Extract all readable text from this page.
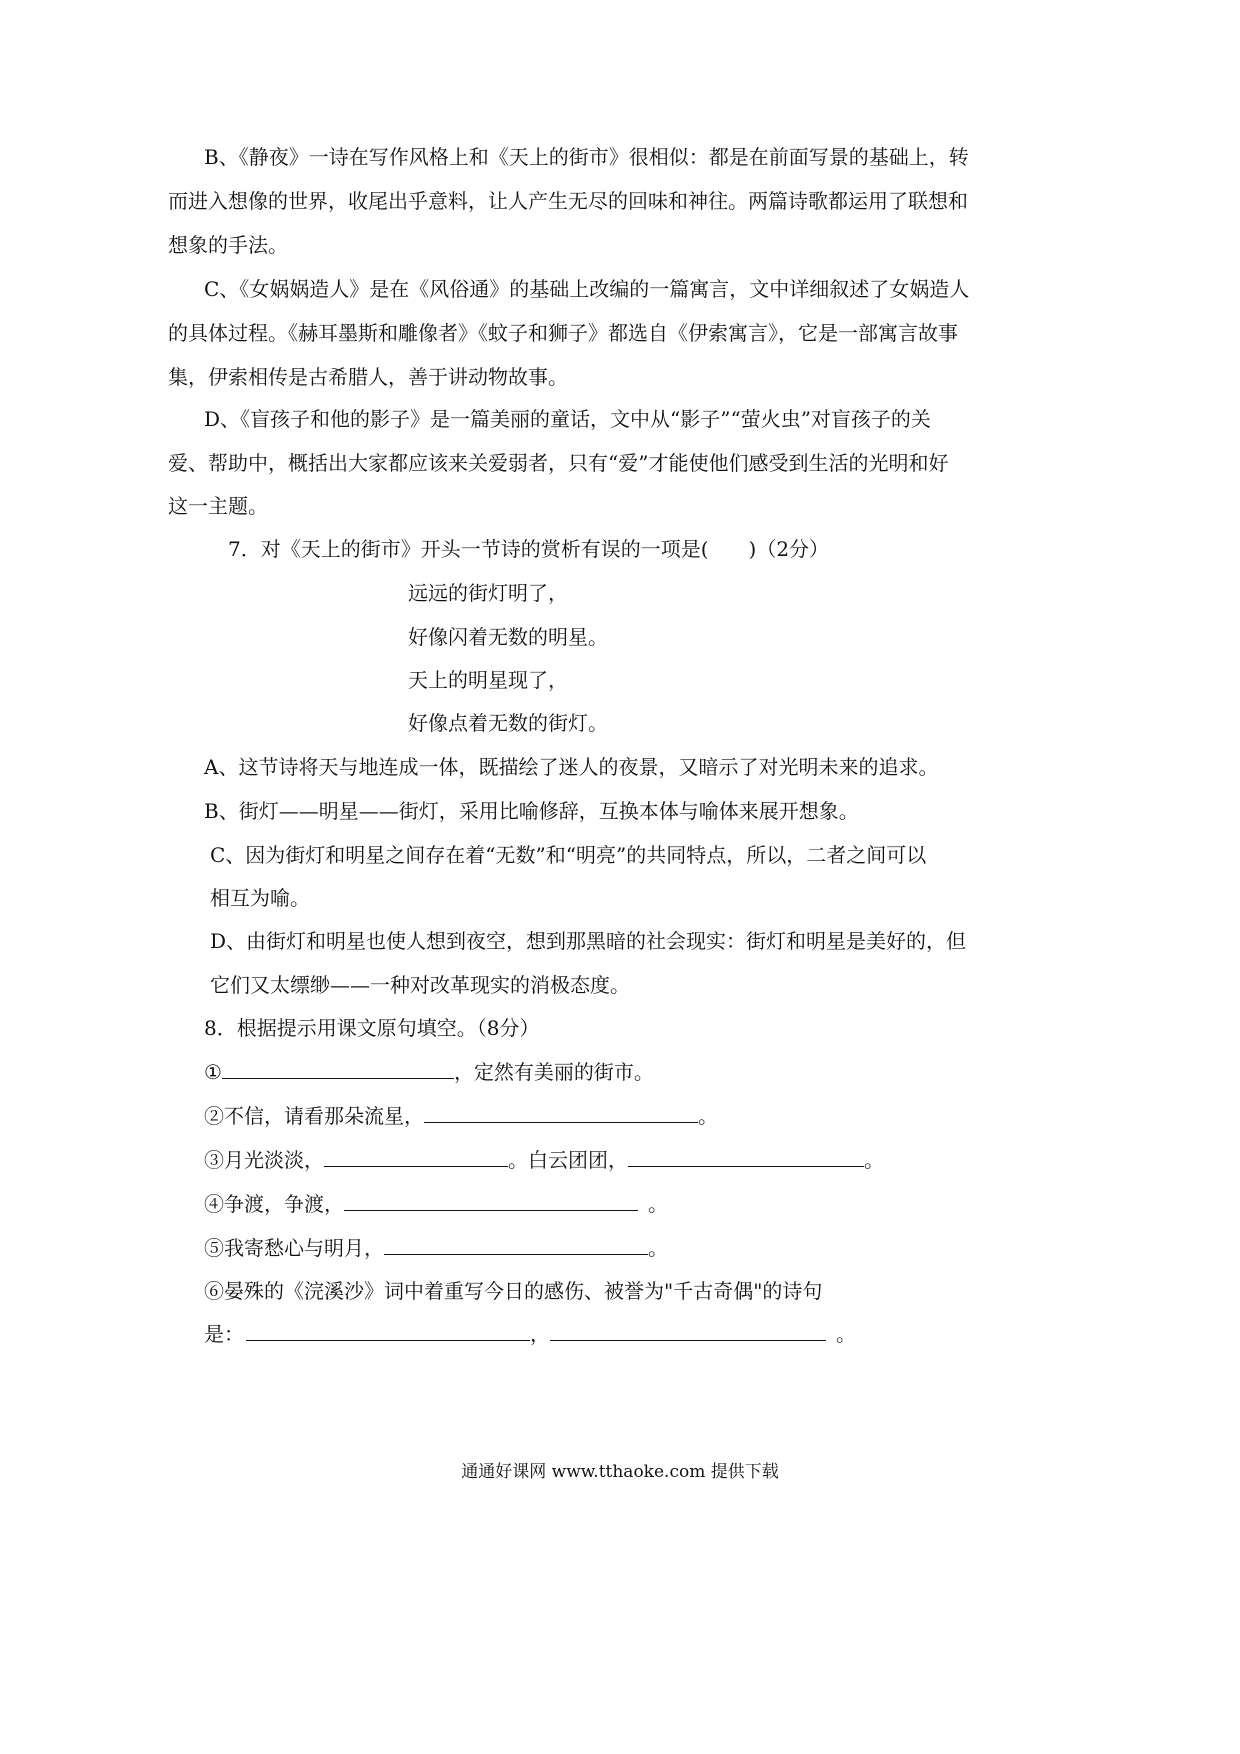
B、《静夜》一诗在写作风格上和《天上的街市》很相似：都是在前面写景的基础上，转
而进入想像的世界，收尾出乎意料，让人产生无尽的回味和神往。两篇诗歌都运用了联想和
想象的手法。
C、《女娲娲造人》是在《风俗通》的基础上改编的一篇寓言，文中详细叙述了女娲造人
的具体过程。《赫耳墨斯和雕像者》《蚊子和狮子》都选自《伊索寓言》，它是一部寓言故事
集，伊索相传是古希腊人，善于讲动物故事。
D、《盲孩子和他的影子》是一篇美丽的童话，文中从“影子”“萤火虫”对盲孩子的关
爱、帮助中，概括出大家都应该来关爱弱者，只有“爱”才能使他们感受到生活的光明和好
这一主题。
7．对《天上的街市》开头一节诗的赏析有误的一项是(　　)（2分）
远远的街灯明了，
好像闪着无数的明星。
天上的明星现了，
好像点着无数的街灯。
A、这节诗将天与地连成一体，既描绘了迷人的夜景，又暗示了对光明未来的追求。
B、街灯——明星——街灯，采用比喻修辞，互换本体与喻体来展开想象。
C、因为街灯和明星之间存在着“无数”和“明亮”的共同特点，所以，二者之间可以
相互为喻。
D、由街灯和明星也使人想到夜空，想到那黑暗的社会现实：街灯和明星是美好的，但
它们又太缥缈——一种对改革现实的消极态度。
8．根据提示用课文原句填空。（8分）
①	，定然有美丽的街市。
②不信，请看那朵流星，	。
③月光淡淡，	。白云团团，	。
④争渡，争渡，	。
⑤我寄愁心与明月，	。
⑥晏殊的《浣溪沙》词中着重写今日的感伤、被誉为"千古奇偶"的诗句
是：	，	。
通通好课网 www.tthaoke.com 提供下载
